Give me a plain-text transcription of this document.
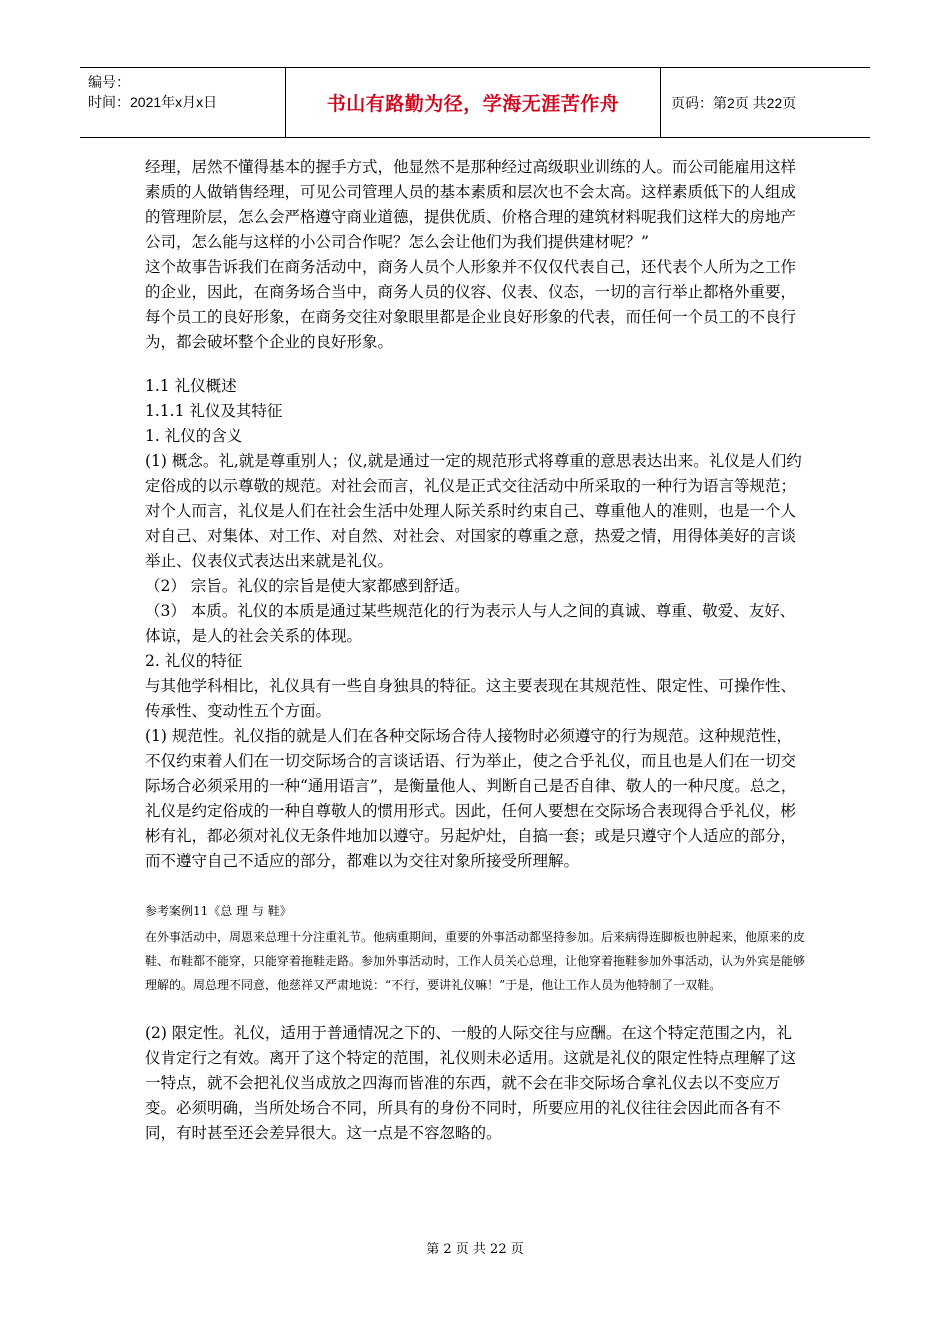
编号：
时间：2021年x月x日	书山有路勤为径，学海无涯苦作舟	页码：第2页 共22页

经理，居然不懂得基本的握手方式，他显然不是那种经过高级职业训练的人。而公司能雇用这样素质的人做销售经理，可见公司管理人员的基本素质和层次也不会太高。这样素质低下的人组成的管理阶层，怎么会严格遵守商业道德，提供优质、价格合理的建筑材料呢我们这样大的房地产公司，怎么能与这样的小公司合作呢？怎么会让他们为我们提供建材呢？”

这个故事告诉我们在商务活动中，商务人员个人形象并不仅仅代表自己，还代表个人所为之工作的企业，因此，在商务场合当中，商务人员的仪容、仪表、仪态，一切的言行举止都格外重要，每个员工的良好形象，在商务交往对象眼里都是企业良好形象的代表，而任何一个员工的不良行为，都会破坏整个企业的良好形象。

1.1 礼仪概述

1.1.1 礼仪及其特征

1. 礼仪的含义

(1) 概念。礼,就是尊重别人；仪,就是通过一定的规范形式将尊重的意思表达出来。礼仪是人们约定俗成的以示尊敬的规范。对社会而言，礼仪是正式交往活动中所采取的一种行为语言等规范；对个人而言，礼仪是人们在社会生活中处理人际关系时约束自己、尊重他人的准则，也是一个人对自己、对集体、对工作、对自然、对社会、对国家的尊重之意，热爱之情，用得体美好的言谈举止、仪表仪式表达出来就是礼仪。

（2） 宗旨。礼仪的宗旨是使大家都感到舒适。

（3） 本质。礼仪的本质是通过某些规范化的行为表示人与人之间的真诚、尊重、敬爱、友好、体谅，是人的社会关系的体现。

2. 礼仪的特征

与其他学科相比，礼仪具有一些自身独具的特征。这主要表现在其规范性、限定性、可操作性、传承性、变动性五个方面。

(1) 规范性。礼仪指的就是人们在各种交际场合待人接物时必须遵守的行为规范。这种规范性，不仅约束着人们在一切交际场合的言谈话语、行为举止，使之合乎礼仪，而且也是人们在一切交际场合必须采用的一种“通用语言”，是衡量他人、判断自己是否自律、敬人的一种尺度。总之，礼仪是约定俗成的一种自尊敬人的惯用形式。因此，任何人要想在交际场合表现得合乎礼仪，彬彬有礼，都必须对礼仪无条件地加以遵守。另起炉灶，自搞一套；或是只遵守个人适应的部分，而不遵守自己不适应的部分，都难以为交往对象所接受所理解。

参考案例11《总 理 与 鞋》

在外事活动中，周恩来总理十分注重礼节。他病重期间，重要的外事活动都坚持参加。后来病得连脚板也肿起来，他原来的皮鞋、布鞋都不能穿，只能穿着拖鞋走路。参加外事活动时，工作人员关心总理，让他穿着拖鞋参加外事活动，认为外宾是能够理解的。周总理不同意，他慈祥又严肃地说：“不行，要讲礼仪嘛！”于是，他让工作人员为他特制了一双鞋。

(2) 限定性。礼仪，适用于普通情况之下的、一般的人际交往与应酬。在这个特定范围之内，礼仪肯定行之有效。离开了这个特定的范围，礼仪则未必适用。这就是礼仪的限定性特点理解了这一特点，就不会把礼仪当成放之四海而皆准的东西，就不会在非交际场合拿礼仪去以不变应万变。必须明确，当所处场合不同，所具有的身份不同时，所要应用的礼仪往往会因此而各有不同，有时甚至还会差异很大。这一点是不容忽略的。

第 2 页 共 22 页
